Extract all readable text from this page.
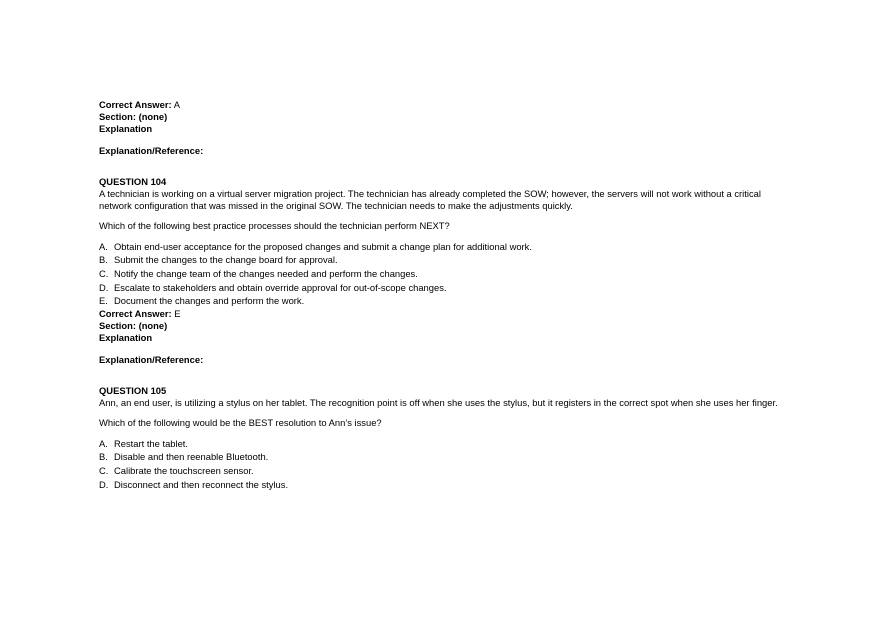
Correct Answer: A
Section: (none)
Explanation
Explanation/Reference:
QUESTION 104

A technician is working on a virtual server migration project. The technician has already completed the SOW; however, the servers will not work without a critical network configuration that was missed in the original SOW. The technician needs to make the adjustments quickly.

Which of the following best practice processes should the technician perform NEXT?

A. Obtain end-user acceptance for the proposed changes and submit a change plan for additional work.
B. Submit the changes to the change board for approval.
C. Notify the change team of the changes needed and perform the changes.
D. Escalate to stakeholders and obtain override approval for out-of-scope changes.
E. Document the changes and perform the work.
Correct Answer: E
Section: (none)
Explanation
Explanation/Reference:
QUESTION 105

Ann, an end user, is utilizing a stylus on her tablet. The recognition point is off when she uses the stylus, but it registers in the correct spot when she uses her finger.

Which of the following would be the BEST resolution to Ann’s issue?

A. Restart the tablet.
B. Disable and then reenable Bluetooth.
C. Calibrate the touchscreen sensor.
D. Disconnect and then reconnect the stylus.
